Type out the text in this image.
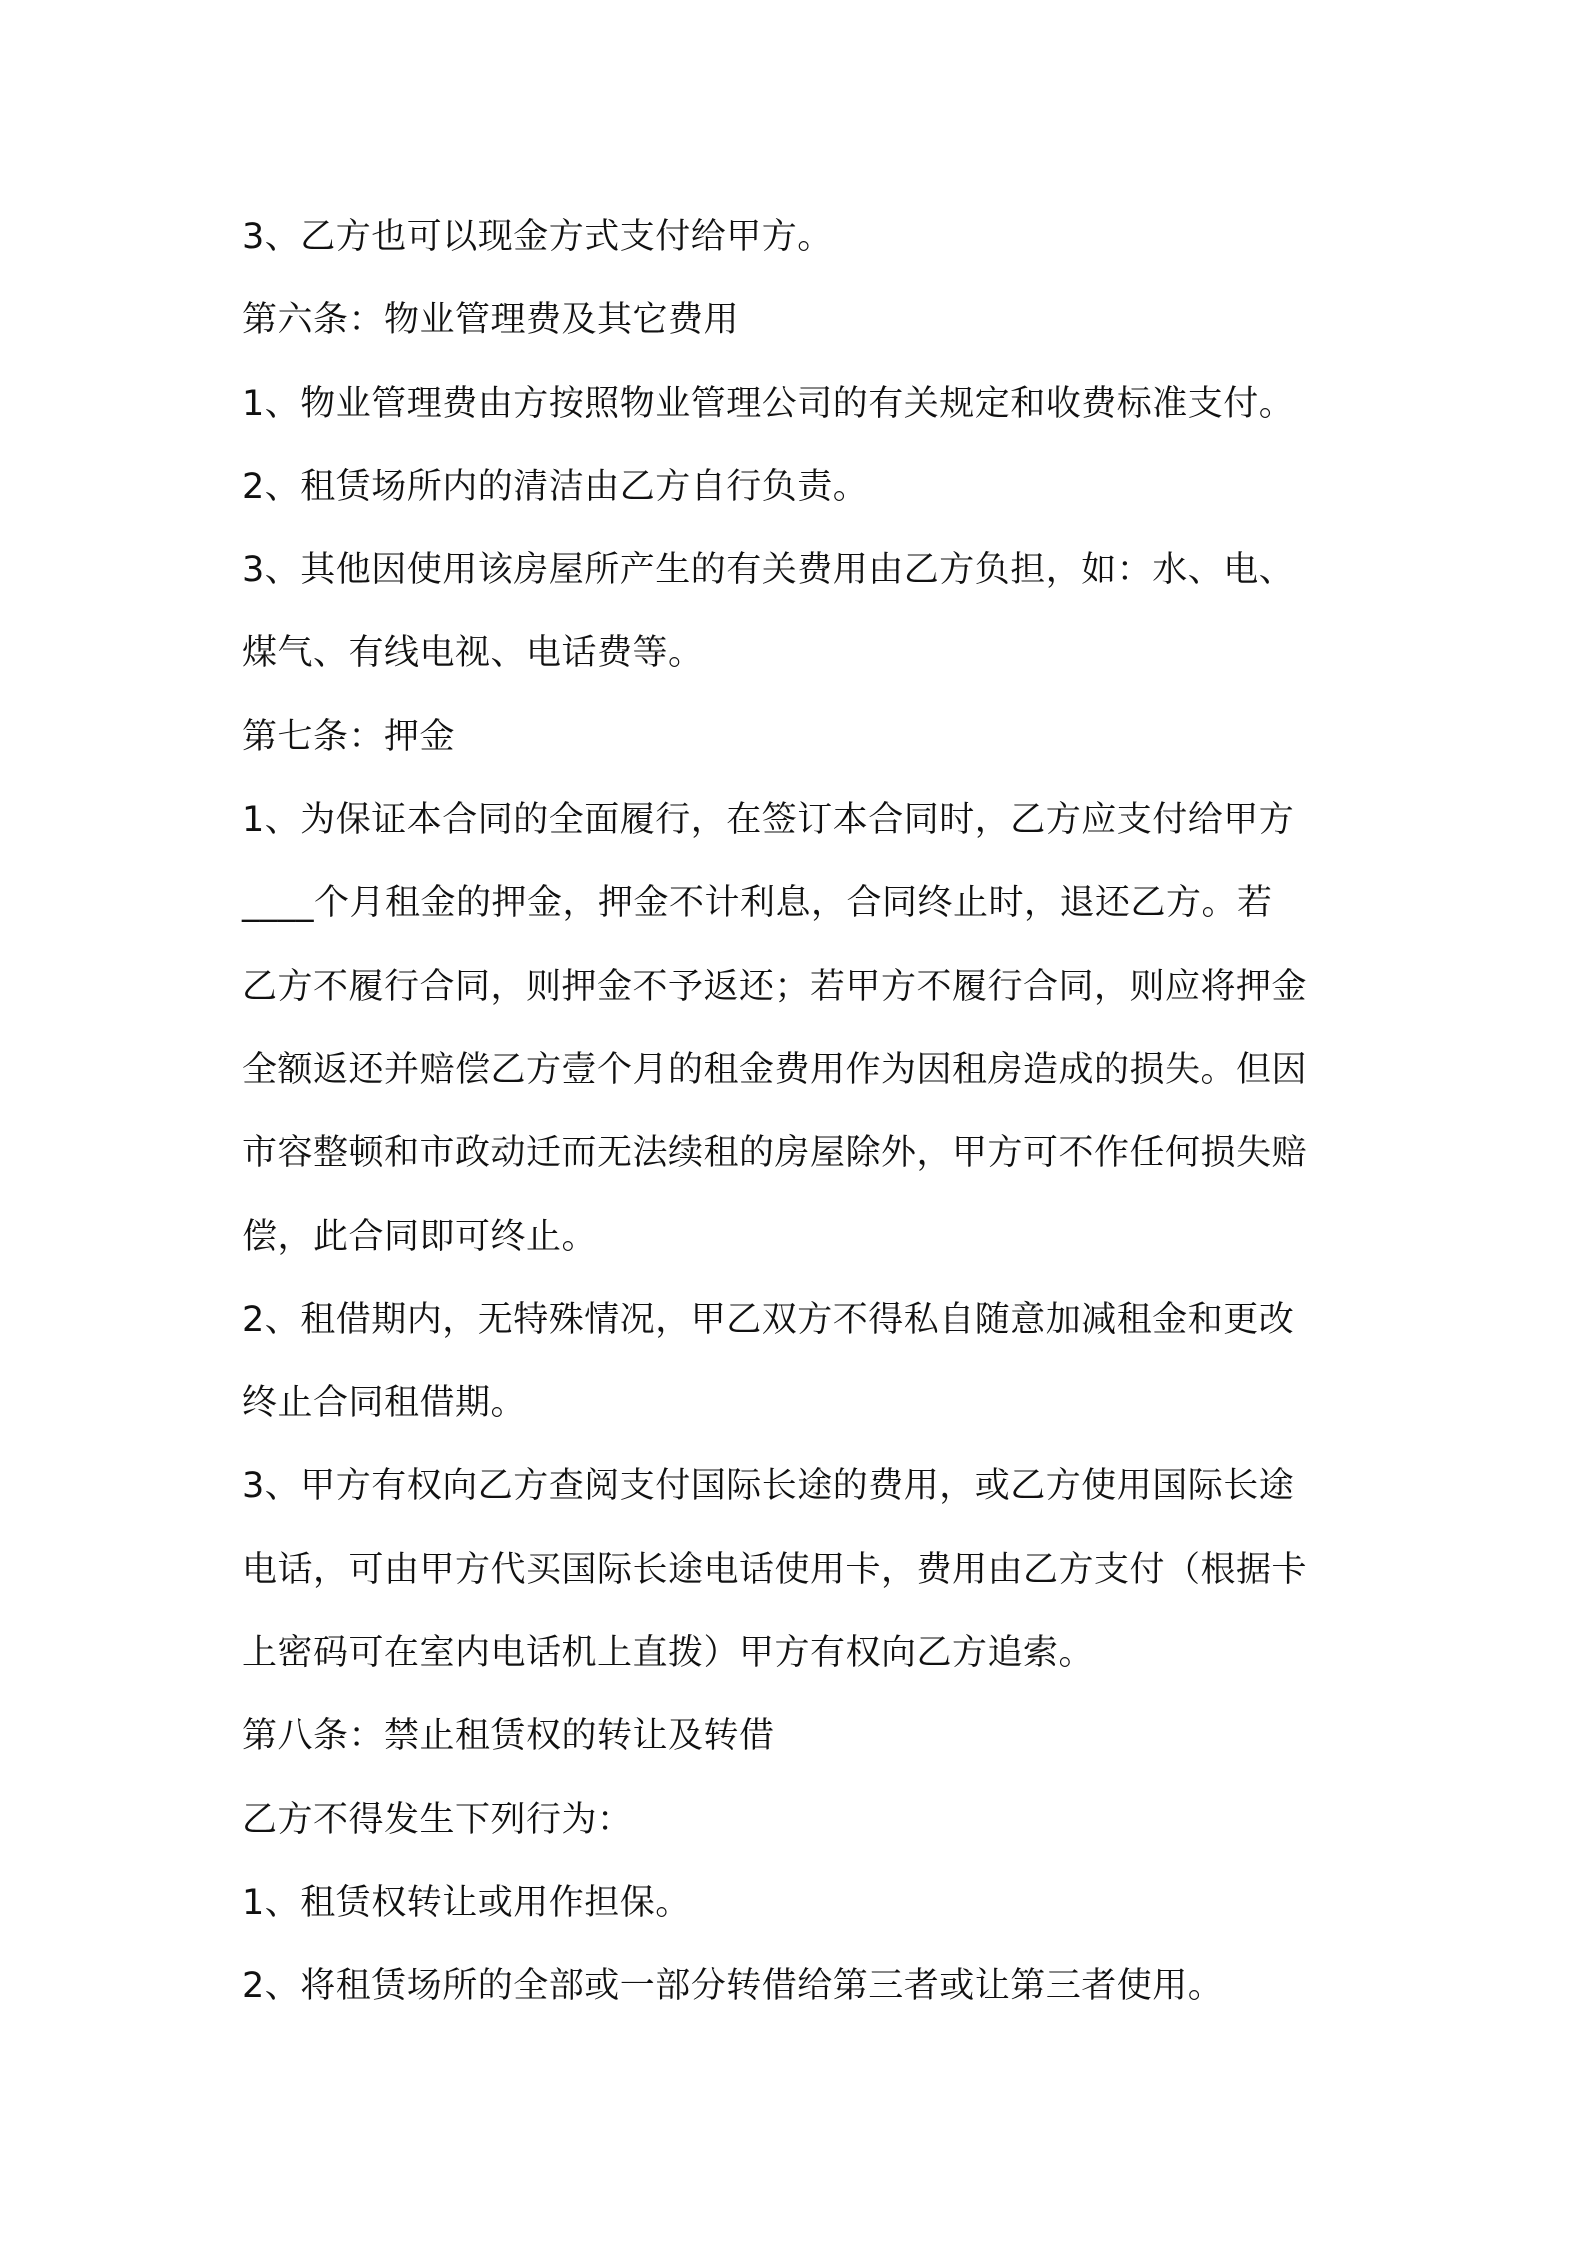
3、乙方也可以现金方式支付给甲方。
第六条：物业管理费及其它费用
1、物业管理费由方按照物业管理公司的有关规定和收费标准支付。
2、租赁场所内的清洁由乙方自行负责。
3、其他因使用该房屋所产生的有关费用由乙方负担，如：水、电、
煤气、有线电视、电话费等。
第七条：押金
1、为保证本合同的全面履行，在签订本合同时，乙方应支付给甲方
____个月租金的押金，押金不计利息，合同终止时，退还乙方。若
乙方不履行合同，则押金不予返还；若甲方不履行合同，则应将押金
全额返还并赔偿乙方壹个月的租金费用作为因租房造成的损失。但因
市容整顿和市政动迁而无法续租的房屋除外，甲方可不作任何损失赔
偿，此合同即可终止。
2、租借期内，无特殊情况，甲乙双方不得私自随意加减租金和更改
终止合同租借期。
3、甲方有权向乙方查阅支付国际长途的费用，或乙方使用国际长途
电话，可由甲方代买国际长途电话使用卡，费用由乙方支付（根据卡
上密码可在室内电话机上直拨）甲方有权向乙方追索。
第八条：禁止租赁权的转让及转借
乙方不得发生下列行为：
1、租赁权转让或用作担保。
2、将租赁场所的全部或一部分转借给第三者或让第三者使用。
